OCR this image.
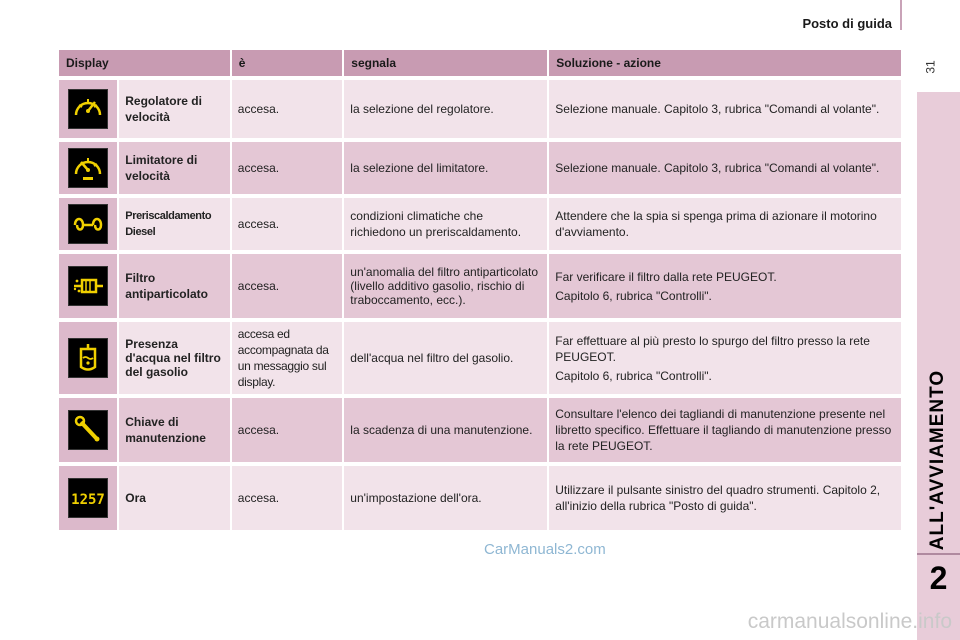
Posto di guida
31
ALL'AVVIAMENTO
2
Display		è	segnala	Soluzione - azione

	Regolatore di velocità	accesa.	la selezione del regolatore.	Selezione manuale. Capitolo 3, rubrica "Comandi al volante".

	Limitatore di velocità	accesa.	la selezione del limitatore.	Selezione manuale. Capitolo 3, rubrica "Comandi al volante".

	Preriscaldamento Diesel	accesa.	condizioni climatiche che richiedono un preriscaldamento.	Attendere che la spia si spenga prima di azionare il motorino d'avviamento.

	Filtro antiparticolato	accesa.	un'anomalia del filtro antiparticolato (livello additivo gasolio, rischio di traboccamento, ecc.).	Far verificare il filtro dalla rete PEUGEOT.

Capitolo 6, rubrica "Controlli".

	Presenza d'acqua nel filtro del gasolio	accesa ed accompagnata da un messaggio sul display.	dell'acqua nel filtro del gasolio.	Far effettuare al più presto lo spurgo del filtro presso la rete PEUGEOT.

Capitolo 6, rubrica "Controlli".

	Chiave di manutenzione	accesa.	la scadenza di una manutenzione.	Consultare l'elenco dei tagliandi di manutenzione presente nel libretto specifico. Effettuare il tagliando di manutenzione presso la rete PEUGEOT.

1257	Ora	accesa.	un'impostazione dell'ora.	Utilizzare il pulsante sinistro del quadro strumenti. Capitolo 2, all'inizio della rubrica "Posto di guida".

CarManuals2.com
carmanualsonline.info
